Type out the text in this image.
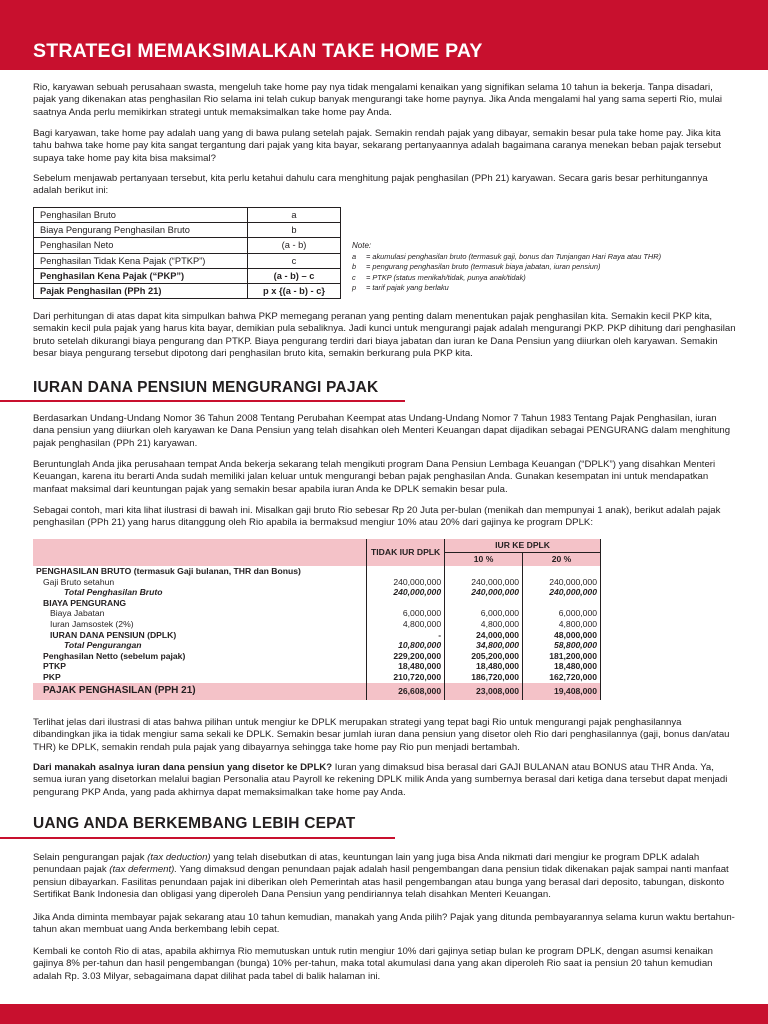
STRATEGI MEMAKSIMALKAN TAKE HOME PAY

Rio, karyawan sebuah perusahaan swasta, mengeluh take home pay nya tidak mengalami kenaikan yang signifikan selama 10 tahun ia bekerja. Tanpa disadari, pajak yang dikenakan atas penghasilan Rio selama ini telah cukup banyak mengurangi take home paynya. Jika Anda mengalami hal yang sama seperti Rio, mulai saatnya Anda perlu memikirkan strategi untuk memaksimalkan take home pay Anda.

Bagi karyawan, take home pay adalah uang yang di bawa pulang setelah pajak. Semakin rendah pajak yang dibayar, semakin besar pula take home pay. Jika kita tahu bahwa take home pay kita sangat tergantung dari pajak yang kita bayar, sekarang pertanyaannya adalah bagaimana caranya menekan beban pajak tersebut supaya take home pay kita bisa maksimal?

Sebelum menjawab pertanyaan tersebut, kita perlu ketahui dahulu cara menghitung pajak penghasilan (PPh 21) karyawan. Secara garis besar perhitungannya adalah berikut ini:

Penghasilan Bruto	a
Biaya Pengurang Penghasilan Bruto	b
Penghasilan Neto	(a - b)
Penghasilan Tidak Kena Pajak (“PTKP”)	c
Penghasilan Kena Pajak (“PKP”)	(a - b) – c
Pajak Penghasilan (PPh 21)	p x {(a - b) - c}
Note:
a = akumulasi penghasilan bruto (termasuk gaji, bonus dan Tunjangan Hari Raya atau THR)
b = pengurang penghasilan bruto (termasuk biaya jabatan, iuran pensiun)
c = PTKP (status menikah/tidak, punya anak/tidak)
p = tarif pajak yang berlaku

Dari perhitungan di atas dapat kita simpulkan bahwa PKP memegang peranan yang penting dalam menentukan pajak penghasilan kita. Semakin kecil PKP kita, semakin kecil pula pajak yang harus kita bayar, demikian pula sebaliknya. Jadi kunci untuk mengurangi pajak adalah mengurangi PKP. PKP dihitung dari penghasilan bruto setelah dikurangi biaya pengurang dan PTKP. Biaya pengurang terdiri dari biaya jabatan dan iuran ke Dana Pensiun yang diiurkan oleh karyawan. Semakin besar biaya pengurang tersebut dipotong dari penghasilan bruto kita, semakin berkurang pula PKP kita.

IURAN DANA PENSIUN MENGURANGI PAJAK

Berdasarkan Undang-Undang Nomor 36 Tahun 2008 Tentang Perubahan Keempat atas Undang-Undang Nomor 7 Tahun 1983 Tentang Pajak Penghasilan, iuran dana pensiun yang diiurkan oleh karyawan ke Dana Pensiun yang telah disahkan oleh Menteri Keuangan dapat dijadikan sebagai PENGURANG dalam menghitung pajak penghasilan (PPh 21) karyawan.

Beruntunglah Anda jika perusahaan tempat Anda bekerja sekarang telah mengikuti program Dana Pensiun Lembaga Keuangan (“DPLK”) yang disahkan Menteri Keuangan, karena itu berarti Anda sudah memiliki jalan keluar untuk mengurangi beban pajak penghasilan Anda. Gunakan kesempatan ini untuk mendapatkan manfaat maksimal dari keuntungan pajak yang semakin besar apabila iuran Anda ke DPLK semakin besar pula.

Sebagai contoh, mari kita lihat ilustrasi di bawah ini. Misalkan gaji bruto Rio sebesar Rp 20 Juta per-bulan (menikah dan mempunyai 1 anak), berikut adalah pajak penghasilan (PPh 21) yang harus ditanggung oleh Rio apabila ia bermaksud mengiur 10% atau 20% dari gajinya ke program DPLK:

	TIDAK IUR DPLK	IUR KE DPLK	
		10 %	20 %
PENGHASILAN BRUTO (termasuk Gaji bulanan, THR dan Bonus)			
Gaji Bruto setahun	240,000,000	240,000,000	240,000,000
Total Penghasilan Bruto	240,000,000	240,000,000	240,000,000
BIAYA PENGURANG			
Biaya Jabatan	6,000,000	6,000,000	6,000,000
Iuran Jamsostek (2%)	4,800,000	4,800,000	4,800,000
IURAN DANA PENSIUN (DPLK)	-	24,000,000	48,000,000
Total Pengurangan	10,800,000	34,800,000	58,800,000
Penghasilan Netto (sebelum pajak)	229,200,000	205,200,000	181,200,000
PTKP	18,480,000	18,480,000	18,480,000
PKP	210,720,000	186,720,000	162,720,000
PAJAK PENGHASILAN (PPH 21)	26,608,000	23,008,000	19,408,000

Terlihat jelas dari ilustrasi di atas bahwa pilihan untuk mengiur ke DPLK merupakan strategi yang tepat bagi Rio untuk mengurangi pajak penghasilannya dibandingkan jika ia tidak mengiur sama sekali ke DPLK. Semakin besar jumlah iuran dana pensiun yang disetor oleh Rio dari penghasilannya (gaji, bonus dan/atau THR) ke DPLK, semakin rendah pula pajak yang dibayarnya sehingga take home pay Rio pun menjadi bertambah.

Dari manakah asalnya iuran dana pensiun yang disetor ke DPLK? Iuran yang dimaksud bisa berasal dari GAJI BULANAN atau BONUS atau THR Anda. Ya, semua iuran yang disetorkan melalui bagian Personalia atau Payroll ke rekening DPLK milik Anda yang sumbernya berasal dari ketiga dana tersebut dapat menjadi pengurang PKP Anda, yang pada akhirnya dapat memaksimalkan take home pay Anda.

UANG ANDA BERKEMBANG LEBIH CEPAT

Selain pengurangan pajak (tax deduction) yang telah disebutkan di atas, keuntungan lain yang juga bisa Anda nikmati dari mengiur ke program DPLK adalah penundaan pajak (tax deferment). Yang dimaksud dengan penundaan pajak adalah hasil pengembangan dana pensiun tidak dikenakan pajak sampai nanti manfaat pensiun dibayarkan. Fasilitas penundaan pajak ini diberikan oleh Pemerintah atas hasil pengembangan atau bunga yang berasal dari deposito, tabungan, diskonto Sertifikat Bank Indonesia dan obligasi yang diperoleh Dana Pensiun yang pendiriannya telah disahkan Menteri Keuangan.

Jika Anda diminta membayar pajak sekarang atau 10 tahun kemudian, manakah yang Anda pilih? Pajak yang ditunda pembayarannya selama kurun waktu bertahun-tahun akan membuat uang Anda berkembang lebih cepat.

Kembali ke contoh Rio di atas, apabila akhirnya Rio memutuskan untuk rutin mengiur 10% dari gajinya setiap bulan ke program DPLK, dengan asumsi kenaikan gajinya 8% per-tahun dan hasil pengembangan (bunga) 10% per-tahun, maka total akumulasi dana yang akan diperoleh Rio saat ia pensiun 20 tahun kemudian adalah Rp. 3.03 Milyar, sebagaimana dapat dilihat pada tabel di balik halaman ini.
